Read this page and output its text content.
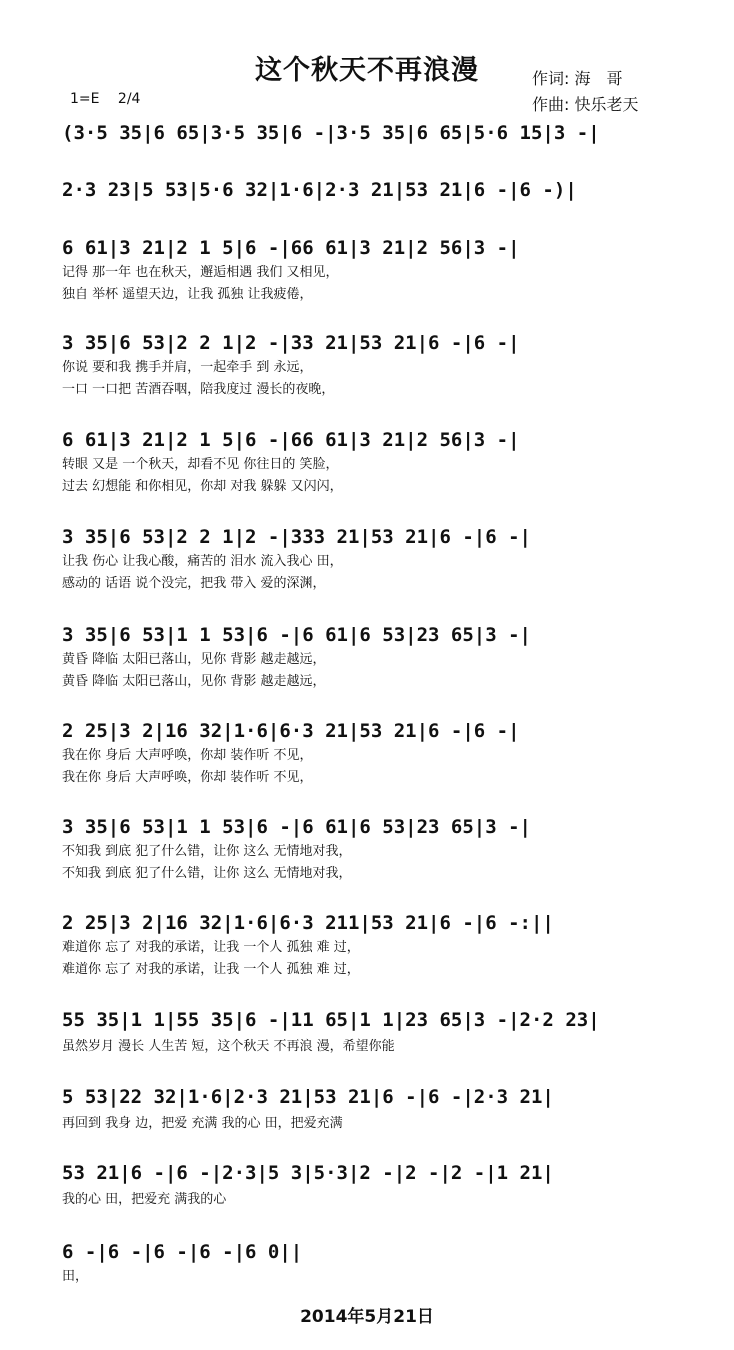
这个秋天不再浪漫	作词: 海　哥
作曲: 快乐老天
1=E　 2/4
(3·5 35|6 65|3·5 35|6 -|3·5 35|6 65|5·6 15|3 -|
2·3 23|5 53|5·6 32|1·6|2·3 21|53 21|6 -|6 -)|
6 61|3 21|2 1 5|6 -|66 61|3 21|2 56|3 -|
记得 那一年 也在秋天，邂逅相遇 我们 又相见，
独自 举杯 遥望天边，让我 孤独 让我疲倦，
3 35|6 53|2 2 1|2 -|33 21|53 21|6 -|6 -|
你说 要和我 携手并肩，一起牵手 到 永远，
一口 一口把 苦酒吞咽，陪我度过 漫长的夜晚，
6 61|3 21|2 1 5|6 -|66 61|3 21|2 56|3 -|
转眼 又是 一个秋天，却看不见 你往日的 笑脸，
过去 幻想能 和你相见，你却 对我 躲躲 又闪闪，
3 35|6 53|2 2 1|2 -|333 21|53 21|6 -|6 -|
让我 伤心 让我心酸，痛苦的 泪水 流入我心 田，
感动的 话语 说个没完，把我 带入 爱的深渊，
3 35|6 53|1 1 53|6 -|6 61|6 53|23 65|3 -|
黄昏 降临 太阳已落山，见你 背影 越走越远，
黄昏 降临 太阳已落山，见你 背影 越走越远，
2 25|3 2|16 32|1·6|6·3 21|53 21|6 -|6 -|
我在你 身后 大声呼唤，你却 装作听 不见，
我在你 身后 大声呼唤，你却 装作听 不见，
3 35|6 53|1 1 53|6 -|6 61|6 53|23 65|3 -|
不知我 到底 犯了什么错，让你 这么 无情地对我，
不知我 到底 犯了什么错，让你 这么 无情地对我，
2 25|3 2|16 32|1·6|6·3 211|53 21|6 -|6 -:||
难道你 忘了 对我的承诺，让我 一个人 孤独 难 过，
难道你 忘了 对我的承诺，让我 一个人 孤独 难 过，
55 35|1 1|55 35|6 -|11 65|1 1|23 65|3 -|2·2 23|
虽然岁月 漫长 人生苦 短，这个秋天 不再浪 漫，希望你能
5 53|22 32|1·6|2·3 21|53 21|6 -|6 -|2·3 21|
再回到 我身 边，把爱 充满 我的心 田，把爱充满
53 21|6 -|6 -|2·3|5 3|5·3|2 -|2 -|2 -|1 21|
我的心 田，把爱充 满我的心
6 -|6 -|6 -|6 -|6 0||
田，
2014年5月21日
